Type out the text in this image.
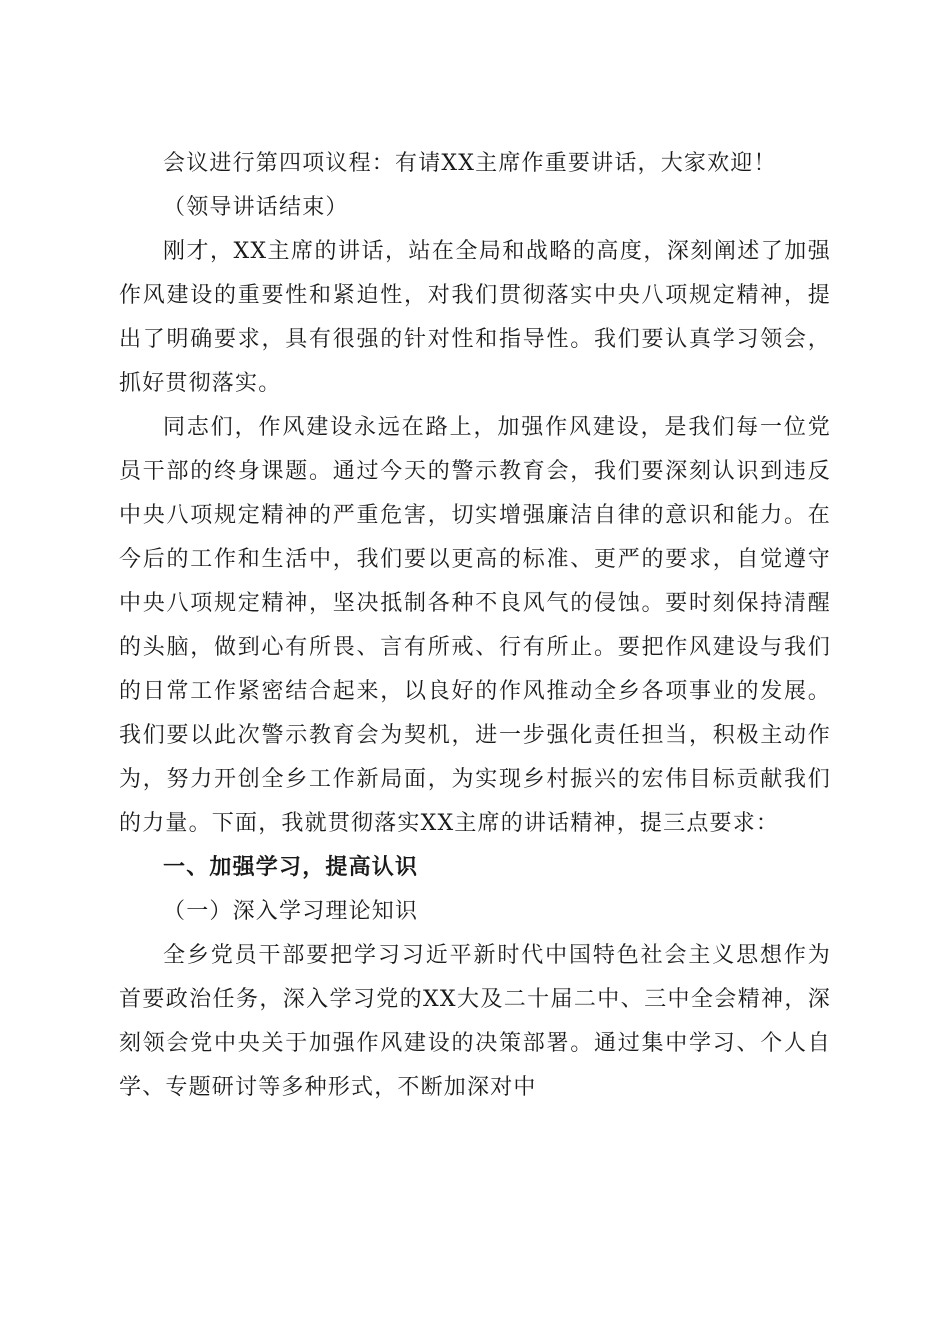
会议进行第四项议程：有请XX主席作重要讲话，大家欢迎！

（领导讲话结束）

刚才，XX主席的讲话，站在全局和战略的高度，深刻阐述了加强作风建设的重要性和紧迫性，对我们贯彻落实中央八项规定精神，提出了明确要求，具有很强的针对性和指导性。我们要认真学习领会，抓好贯彻落实。

同志们，作风建设永远在路上，加强作风建设，是我们每一位党员干部的终身课题。通过今天的警示教育会，我们要深刻认识到违反中央八项规定精神的严重危害，切实增强廉洁自律的意识和能力。在今后的工作和生活中，我们要以更高的标准、更严的要求，自觉遵守中央八项规定精神，坚决抵制各种不良风气的侵蚀。要时刻保持清醒的头脑，做到心有所畏、言有所戒、行有所止。要把作风建设与我们的日常工作紧密结合起来，以良好的作风推动全乡各项事业的发展。我们要以此次警示教育会为契机，进一步强化责任担当，积极主动作为，努力开创全乡工作新局面，为实现乡村振兴的宏伟目标贡献我们的力量。下面，我就贯彻落实XX主席的讲话精神，提三点要求：

一、加强学习，提高认识

（一）深入学习理论知识

全乡党员干部要把学习习近平新时代中国特色社会主义思想作为首要政治任务，深入学习党的XX大及二十届二中、三中全会精神，深刻领会党中央关于加强作风建设的决策部署。通过集中学习、个人自学、专题研讨等多种形式，不断加深对中
